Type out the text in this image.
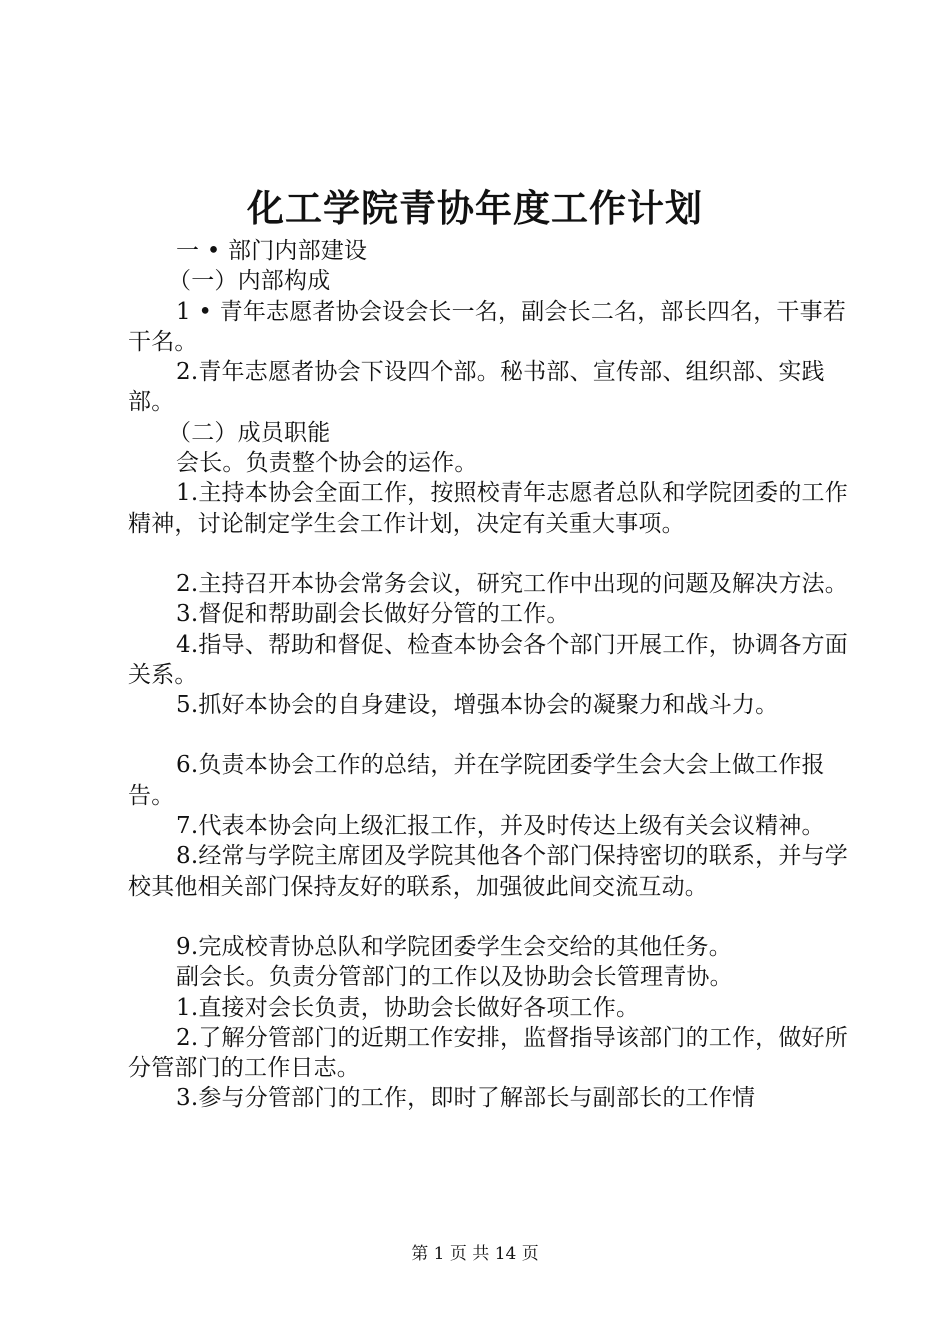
化工学院青协年度工作计划

一 • 部门内部建设

（一）内部构成

1 • 青年志愿者协会设会长一名，副会长二名，部长四名，干事若干名。

2.青年志愿者协会下设四个部。秘书部、宣传部、组织部、实践部。

（二）成员职能

会长。负责整个协会的运作。

1.主持本协会全面工作，按照校青年志愿者总队和学院团委的工作精神，讨论制定学生会工作计划，决定有关重大事项。

2.主持召开本协会常务会议，研究工作中出现的问题及解决方法。

3.督促和帮助副会长做好分管的工作。

4.指导、帮助和督促、检查本协会各个部门开展工作，协调各方面关系。

5.抓好本协会的自身建设，增强本协会的凝聚力和战斗力。

6.负责本协会工作的总结，并在学院团委学生会大会上做工作报告。

7.代表本协会向上级汇报工作，并及时传达上级有关会议精神。

8.经常与学院主席团及学院其他各个部门保持密切的联系，并与学校其他相关部门保持友好的联系，加强彼此间交流互动。

9.完成校青协总队和学院团委学生会交给的其他任务。

副会长。负责分管部门的工作以及协助会长管理青协。

1.直接对会长负责，协助会长做好各项工作。

2.了解分管部门的近期工作安排，监督指导该部门的工作，做好所分管部门的工作日志。

3.参与分管部门的工作，即时了解部长与副部长的工作情

第 1 页 共 14 页
